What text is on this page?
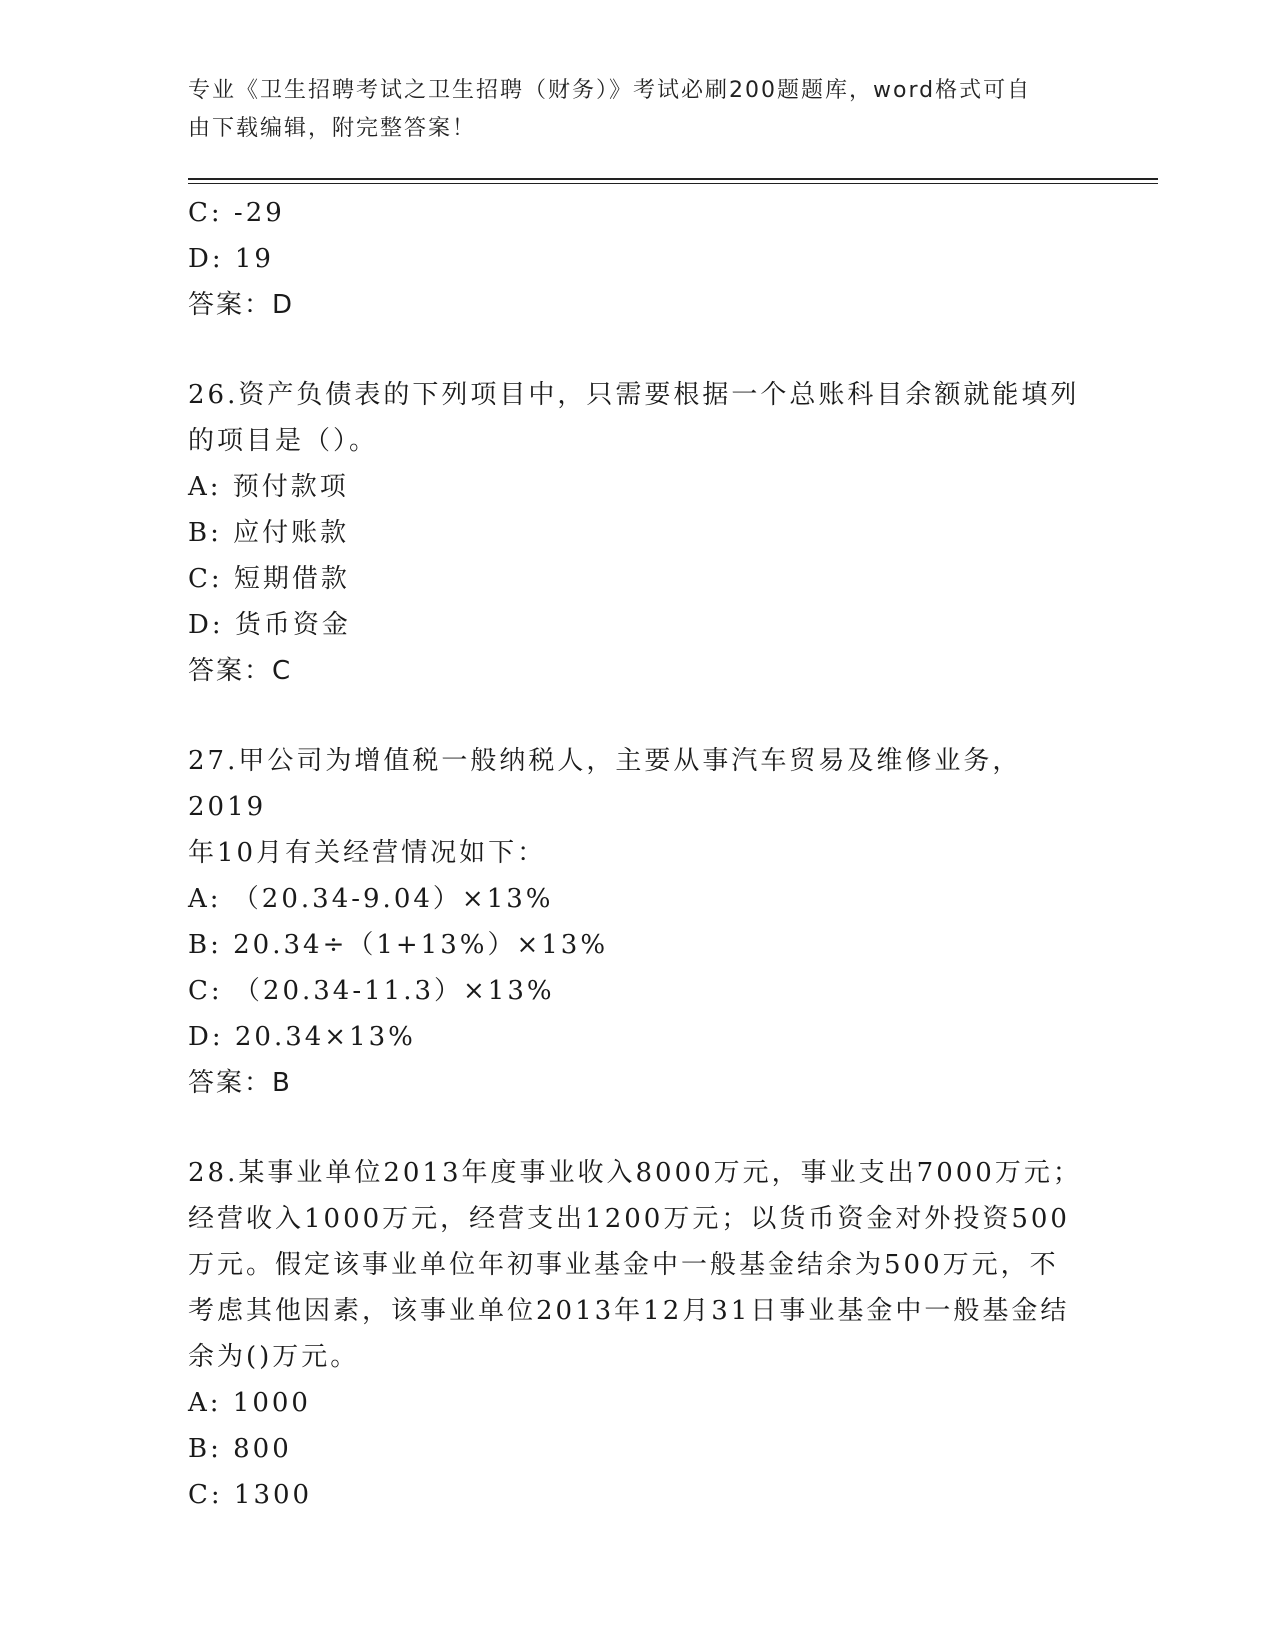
专业《卫生招聘考试之卫生招聘（财务）》考试必刷200题题库，word格式可自
由下载编辑，附完整答案！
C: -29
D: 19
答案：D
26.资产负债表的下列项目中，只需要根据一个总账科目余额就能填列
的项目是（）。
A: 预付款项
B: 应付账款
C: 短期借款
D: 货币资金
答案：C
27.甲公司为增值税一般纳税人，主要从事汽车贸易及维修业务，2019
年10月有关经营情况如下：
A: （20.34-9.04）×13%
B: 20.34÷（1+13%）×13%
C: （20.34-11.3）×13%
D: 20.34×13%
答案：B
28.某事业单位2013年度事业收入8000万元，事业支出7000万元；
经营收入1000万元，经营支出1200万元；以货币资金对外投资500
万元。假定该事业单位年初事业基金中一般基金结余为500万元，不
考虑其他因素，该事业单位2013年12月31日事业基金中一般基金结
余为()万元。
A: 1000
B: 800
C: 1300
